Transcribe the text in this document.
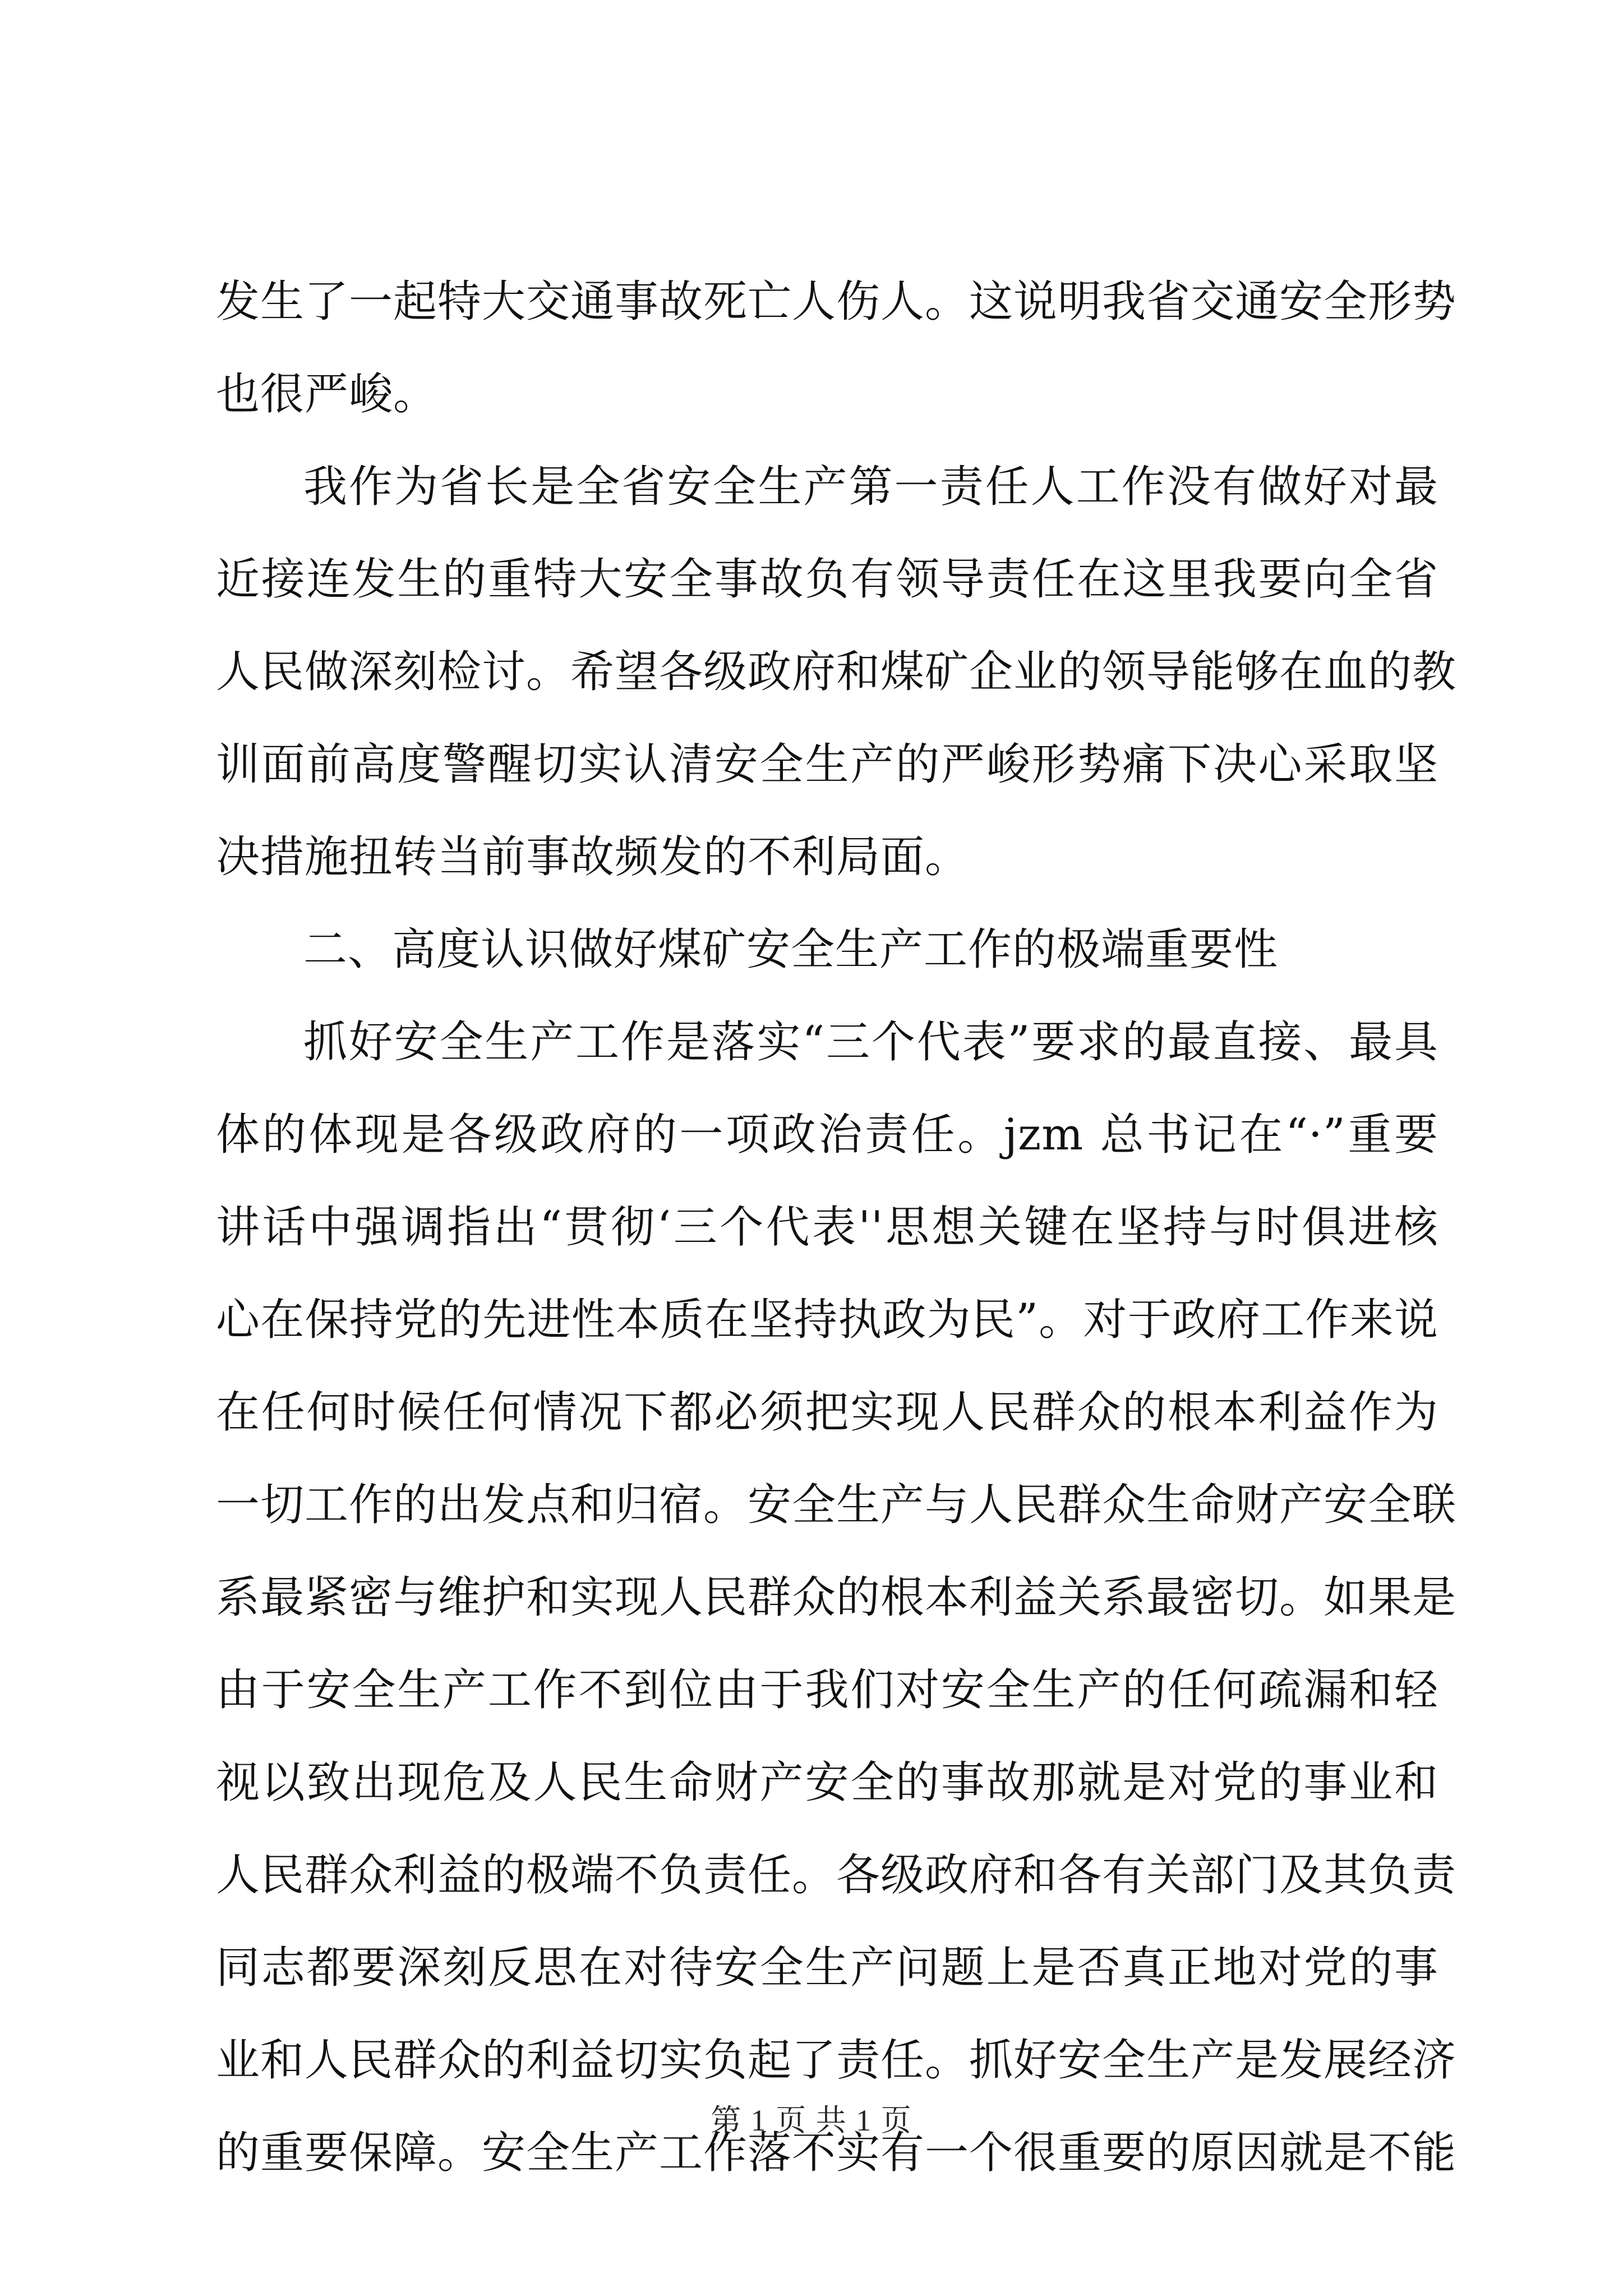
发生了一起特大交通事故死亡人伤人。这说明我省交通安全形势
也很严峻。
我作为省长是全省安全生产第一责任人工作没有做好对最
近接连发生的重特大安全事故负有领导责任在这里我要向全省
人民做深刻检讨。希望各级政府和煤矿企业的领导能够在血的教
训面前高度警醒切实认清安全生产的严峻形势痛下决心采取坚
决措施扭转当前事故频发的不利局面。
二、高度认识做好煤矿安全生产工作的极端重要性
抓好安全生产工作是落实“三个代表”要求的最直接、最具
体的体现是各级政府的一项政治责任。jzm 总书记在“·”重要
讲话中强调指出“贯彻‘三个代表''思想关键在坚持与时俱进核
心在保持党的先进性本质在坚持执政为民”。对于政府工作来说
在任何时候任何情况下都必须把实现人民群众的根本利益作为
一切工作的出发点和归宿。安全生产与人民群众生命财产安全联
系最紧密与维护和实现人民群众的根本利益关系最密切。如果是
由于安全生产工作不到位由于我们对安全生产的任何疏漏和轻
视以致出现危及人民生命财产安全的事故那就是对党的事业和
人民群众利益的极端不负责任。各级政府和各有关部门及其负责
同志都要深刻反思在对待安全生产问题上是否真正地对党的事
业和人民群众的利益切实负起了责任。抓好安全生产是发展经济
的重要保障。安全生产工作落不实有一个很重要的原因就是不能
第 1 页 共 1 页
